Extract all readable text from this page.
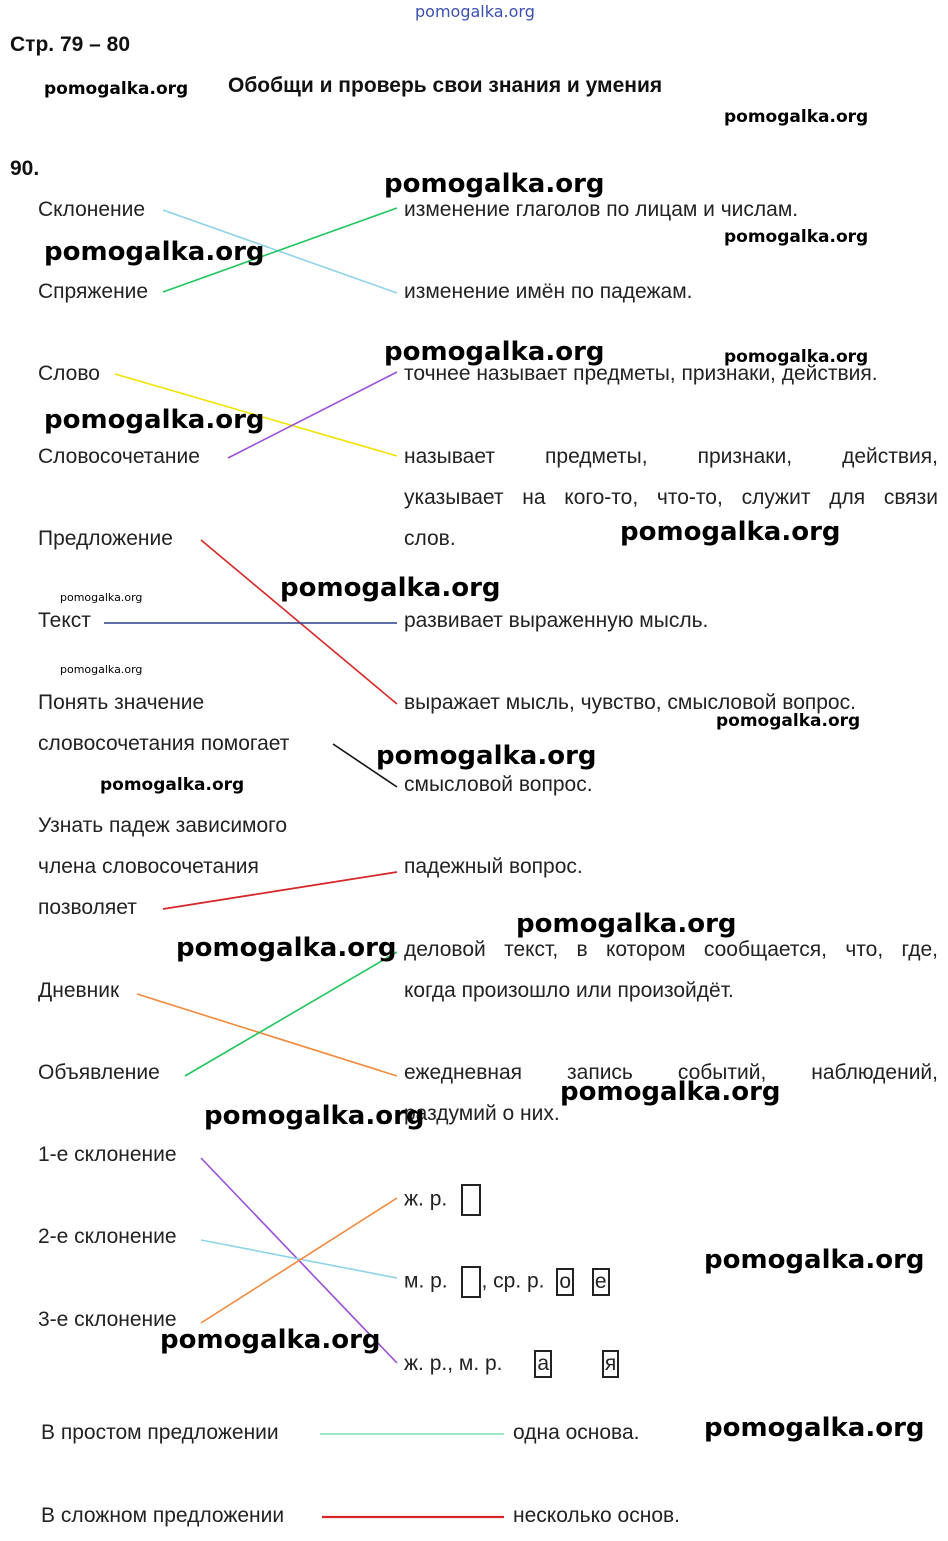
pomogalka.org
Стр. 79 – 80
Обобщи и проверь свои знания и умения
90.
Склонение
Спряжение
Слово
Словосочетание
Предложение
Текст
Понять значение
словосочетания помогает
Узнать падеж зависимого
члена словосочетания
позволяет
Дневник
Объявление
1-е склонение
2-е склонение
3-е склонение
В простом предложении
В сложном предложении
изменение глаголов по лицам и числам.
изменение имён по падежам.
точнее называет предметы, признаки, действия.
называет предметы, признаки, действия,
указывает на кого-то, что-то, служит для связи
слов.
развивает выраженную мысль.
выражает мысль, чувство, смысловой вопрос.
смысловой вопрос.
падежный вопрос.
деловой текст, в котором сообщается, что, где,
когда произошло или произойдёт.
ежедневная запись событий, наблюдений,
раздумий о них.
ж. р.
м. р. , ср. р. о е
ж. р., м. р. а	я
одна основа.
несколько основ.
pomogalka.org
pomogalka.org
pomogalka.org
pomogalka.org
pomogalka.org
pomogalka.org	pomogalka.org
pomogalka.org
pomogalka.org
pomogalka.org
pomogalka.org
pomogalka.org
pomogalka.org
pomogalka.org
pomogalka.org
pomogalka.org
pomogalka.org
pomogalka.org
pomogalka.org
pomogalka.org
pomogalka.org
pomogalka.org
